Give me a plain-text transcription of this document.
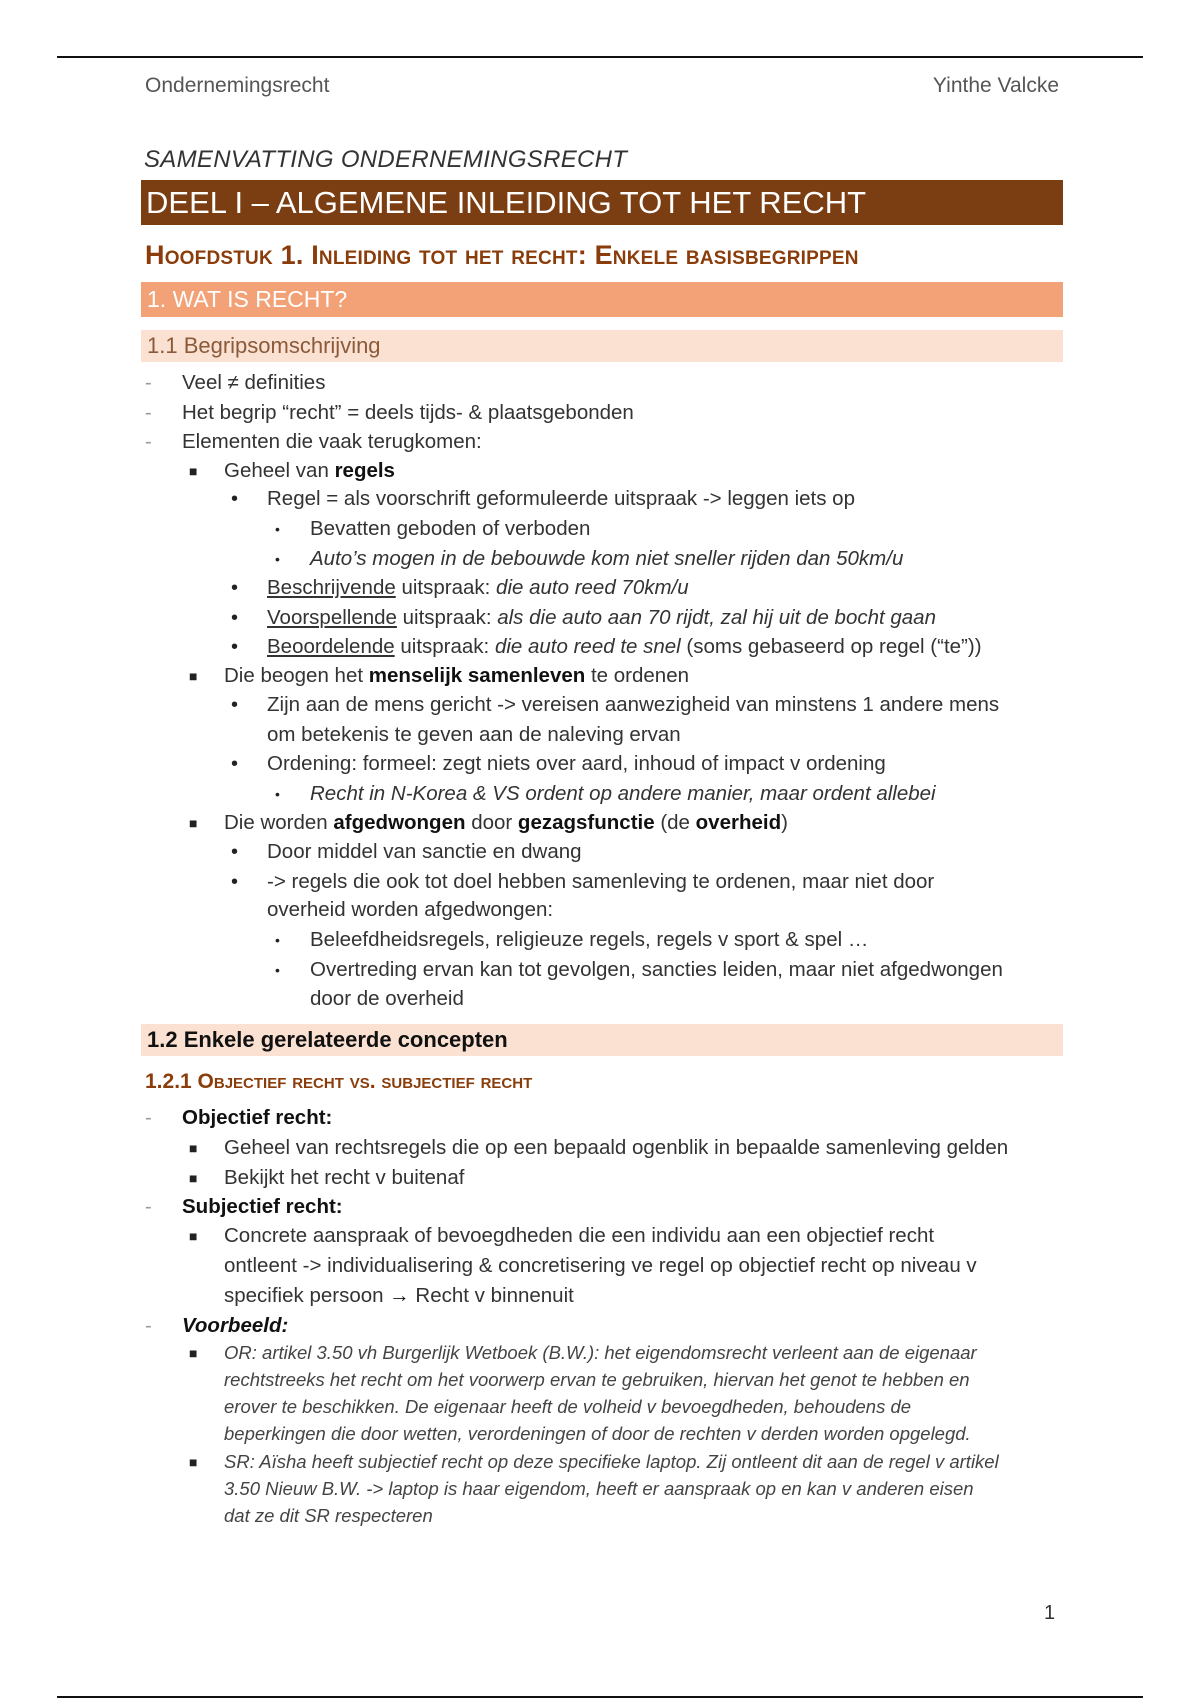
Ondernemingsrecht	Yinthe Valcke
SAMENVATTING ONDERNEMINGSRECHT
DEEL I – ALGEMENE INLEIDING TOT HET RECHT
Hoofdstuk 1. Inleiding tot het recht: Enkele basisbegrippen
1. WAT IS RECHT?
1.1 Begripsomschrijving
- Veel ≠ definities
- Het begrip “recht” = deels tijds- & plaatsgebonden
- Elementen die vaak terugkomen:
■ Geheel van regels
• Regel = als voorschrift geformuleerde uitspraak -> leggen iets op
• Bevatten geboden of verboden
• Auto’s mogen in de bebouwde kom niet sneller rijden dan 50km/u
• Beschrijvende uitspraak: die auto reed 70km/u
• Voorspellende uitspraak: als die auto aan 70 rijdt, zal hij uit de bocht gaan
• Beoordelende uitspraak: die auto reed te snel (soms gebaseerd op regel (“te”))
■ Die beogen het menselijk samenleven te ordenen
• Zijn aan de mens gericht -> vereisen aanwezigheid van minstens 1 andere mens
om betekenis te geven aan de naleving ervan
• Ordening: formeel: zegt niets over aard, inhoud of impact v ordening
• Recht in N-Korea & VS ordent op andere manier, maar ordent allebei
■ Die worden afgedwongen door gezagsfunctie (de overheid)
• Door middel van sanctie en dwang
• -> regels die ook tot doel hebben samenleving te ordenen, maar niet door
overheid worden afgedwongen:
• Beleefdheidsregels, religieuze regels, regels v sport & spel …
• Overtreding ervan kan tot gevolgen, sancties leiden, maar niet afgedwongen
door de overheid
1.2 Enkele gerelateerde concepten
1.2.1 Objectief recht vs. subjectief recht
- Objectief recht:
■ Geheel van rechtsregels die op een bepaald ogenblik in bepaalde samenleving gelden
■ Bekijkt het recht v buitenaf
- Subjectief recht:
■ Concrete aanspraak of bevoegdheden die een individu aan een objectief recht
ontleent -> individualisering & concretisering ve regel op objectief recht op niveau v
specifiek persoon → Recht v binnenuit
- Voorbeeld:
■ OR: artikel 3.50 vh Burgerlijk Wetboek (B.W.): het eigendomsrecht verleent aan de eigenaar
rechtstreeks het recht om het voorwerp ervan te gebruiken, hiervan het genot te hebben en
erover te beschikken. De eigenaar heeft de volheid v bevoegdheden, behoudens de
beperkingen die door wetten, verordeningen of door de rechten v derden worden opgelegd.
■ SR: Aïsha heeft subjectief recht op deze specifieke laptop. Zij ontleent dit aan de regel v artikel
3.50 Nieuw B.W. -> laptop is haar eigendom, heeft er aanspraak op en kan v anderen eisen
dat ze dit SR respecteren
1
